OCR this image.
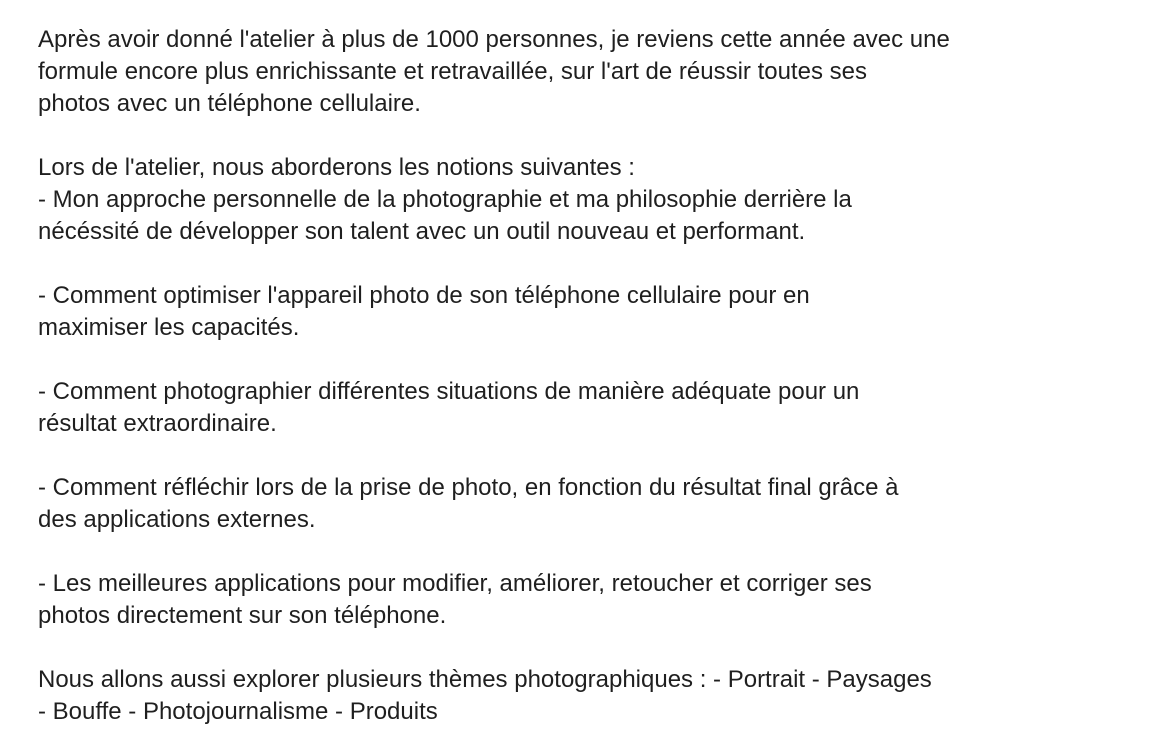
Après avoir donné l'atelier à plus de 1000 personnes, je reviens cette année avec une
formule encore plus enrichissante et retravaillée, sur l'art de réussir toutes ses
photos avec un téléphone cellulaire.

Lors de l'atelier, nous aborderons les notions suivantes :
- Mon approche personnelle de la photographie et ma philosophie derrière la
nécéssité de développer son talent avec un outil nouveau et performant.

- Comment optimiser l'appareil photo de son téléphone cellulaire pour en
maximiser les capacités.

- Comment photographier différentes situations de manière adéquate pour un
résultat extraordinaire.

- Comment réfléchir lors de la prise de photo, en fonction du résultat final grâce à
des applications externes.

- Les meilleures applications pour modifier, améliorer, retoucher et corriger ses
photos directement sur son téléphone.

Nous allons aussi explorer plusieurs thèmes photographiques : - Portrait - Paysages
- Bouffe - Photojournalisme - Produits
